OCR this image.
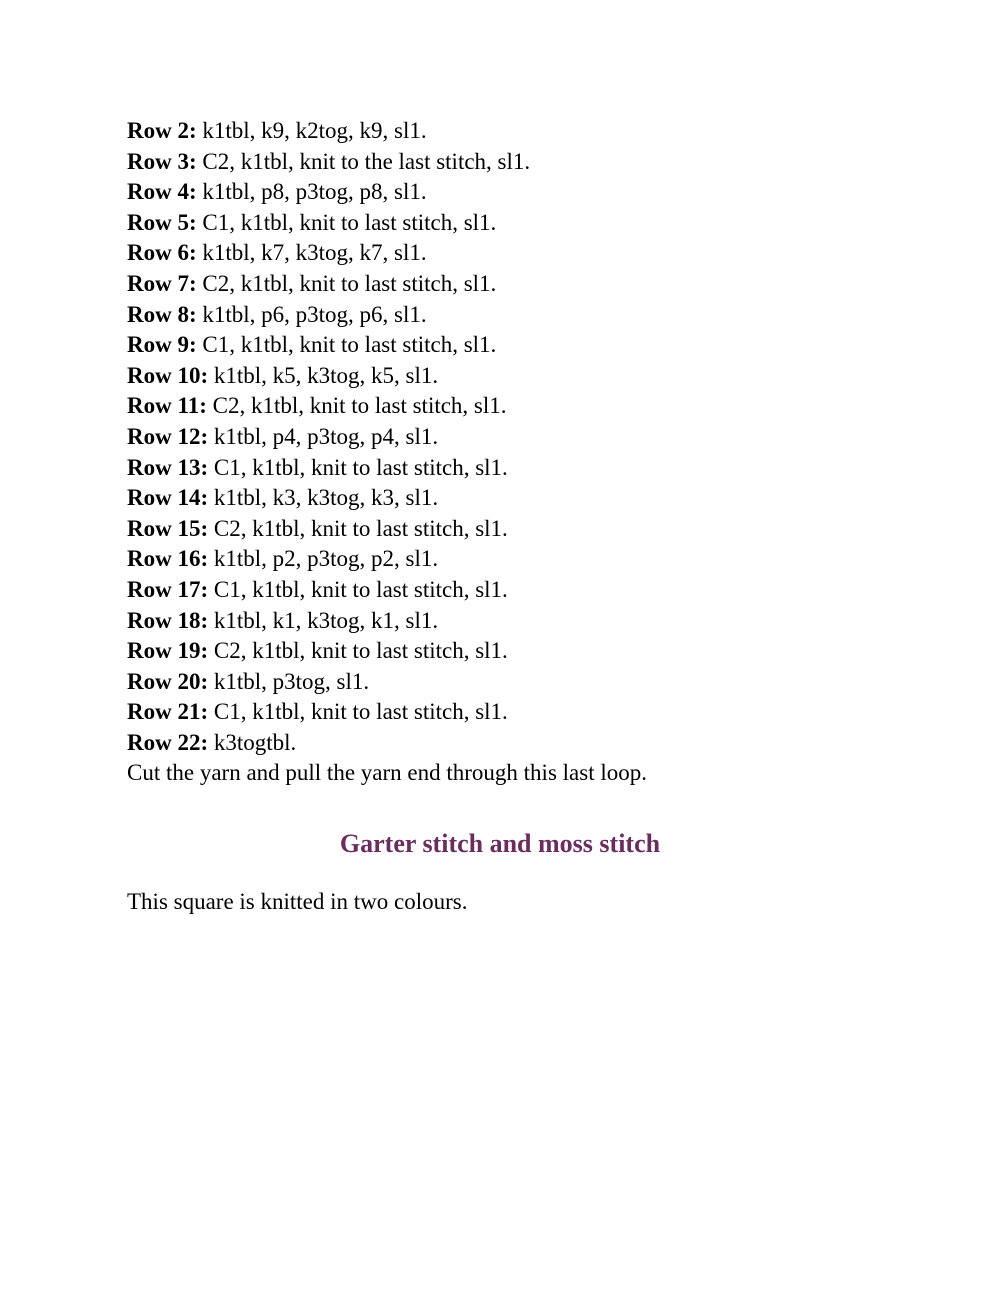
Row 2: k1tbl, k9, k2tog, k9, sl1.
Row 3: C2, k1tbl, knit to the last stitch, sl1.
Row 4: k1tbl, p8, p3tog, p8, sl1.
Row 5: C1, k1tbl, knit to last stitch, sl1.
Row 6: k1tbl, k7, k3tog, k7, sl1.
Row 7: C2, k1tbl, knit to last stitch, sl1.
Row 8: k1tbl, p6, p3tog, p6, sl1.
Row 9: C1, k1tbl, knit to last stitch, sl1.
Row 10: k1tbl, k5, k3tog, k5, sl1.
Row 11: C2, k1tbl, knit to last stitch, sl1.
Row 12: k1tbl, p4, p3tog, p4, sl1.
Row 13: C1, k1tbl, knit to last stitch, sl1.
Row 14: k1tbl, k3, k3tog, k3, sl1.
Row 15: C2, k1tbl, knit to last stitch, sl1.
Row 16: k1tbl, p2, p3tog, p2, sl1.
Row 17: C1, k1tbl, knit to last stitch, sl1.
Row 18: k1tbl, k1, k3tog, k1, sl1.
Row 19: C2, k1tbl, knit to last stitch, sl1.
Row 20: k1tbl, p3tog, sl1.
Row 21: C1, k1tbl, knit to last stitch, sl1.
Row 22: k3togtbl.
Cut the yarn and pull the yarn end through this last loop.
Garter stitch and moss stitch
This square is knitted in two colours.
